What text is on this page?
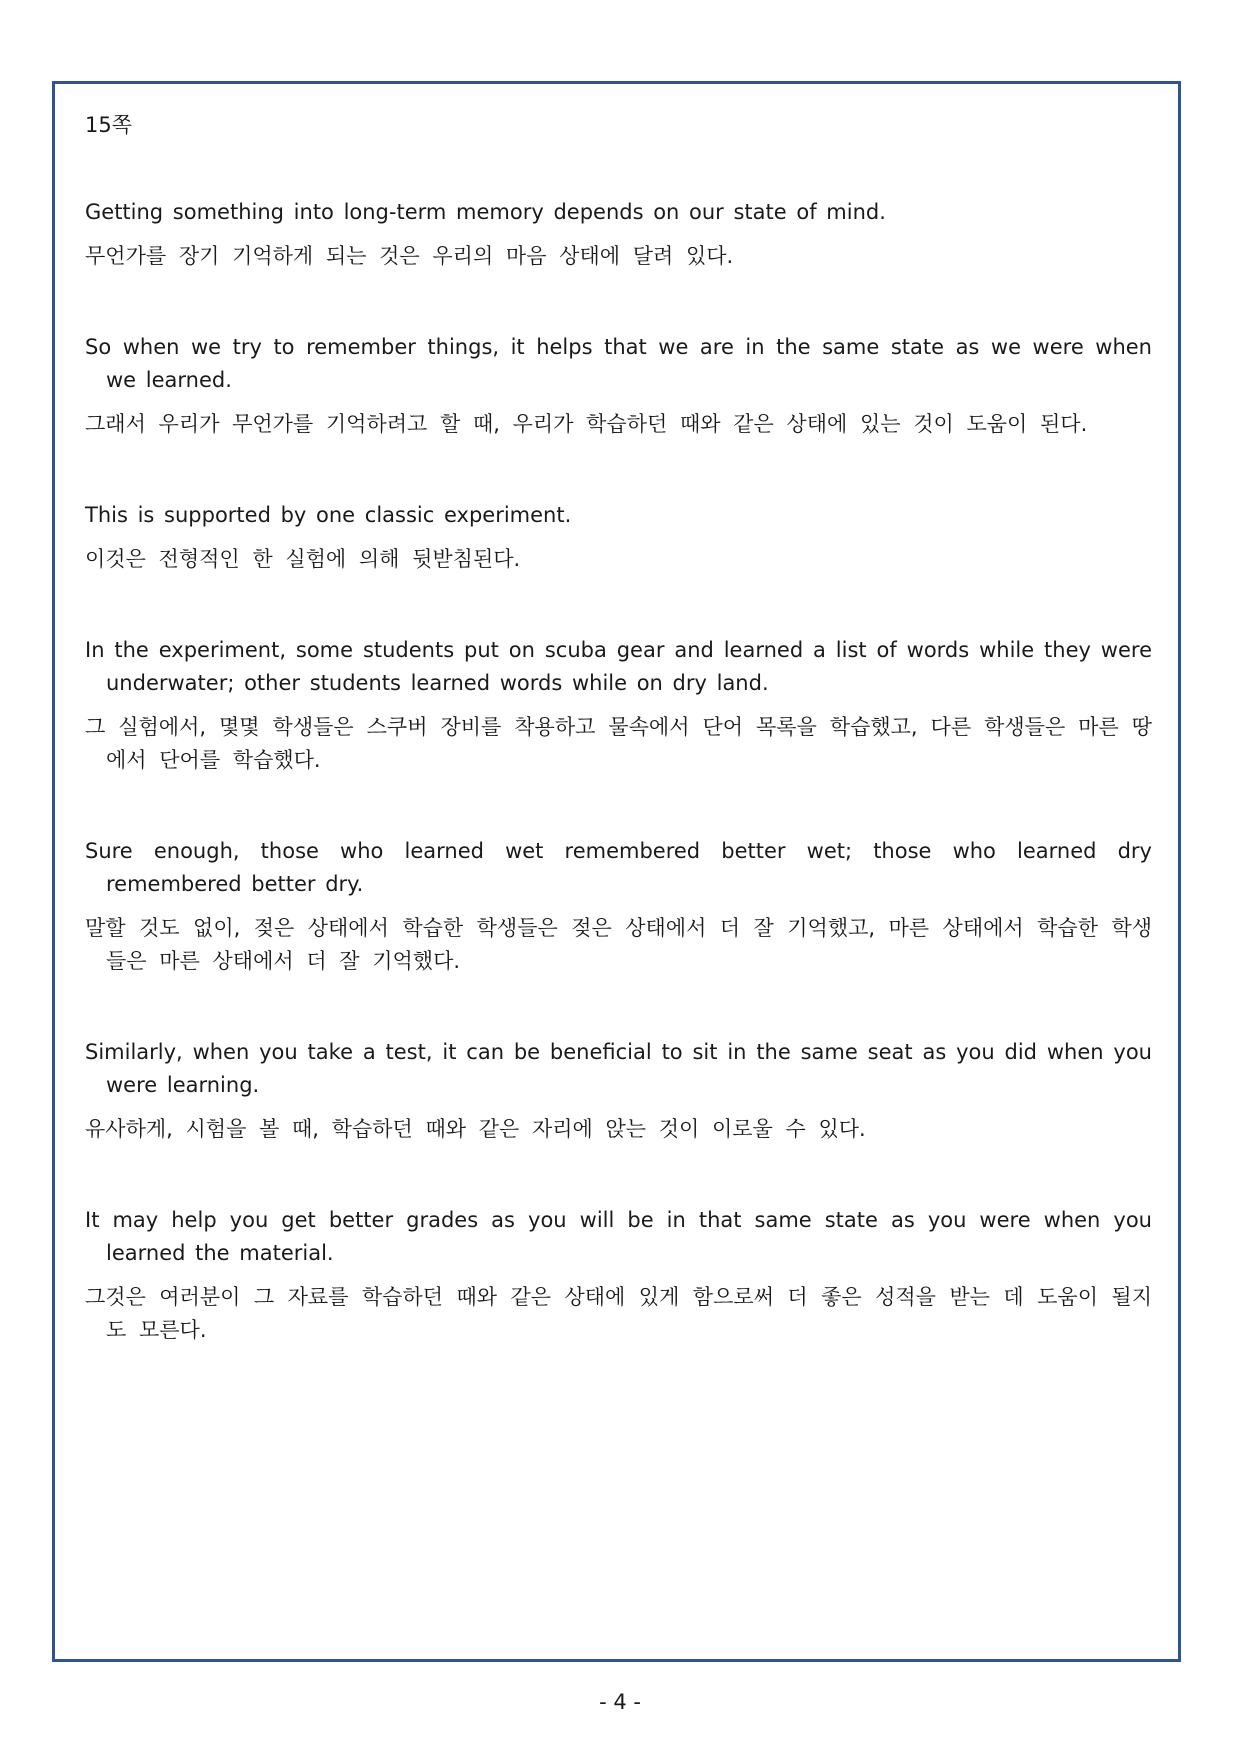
15쪽

Getting something into long-term memory depends on our state of mind.

무언가를 장기 기억하게 되는 것은 우리의 마음 상태에 달려 있다.

So when we try to remember things, it helps that we are in the same state as we were when we learned.

그래서 우리가 무언가를 기억하려고 할 때, 우리가 학습하던 때와 같은 상태에 있는 것이 도움이 된다.

This is supported by one classic experiment.

이것은 전형적인 한 실험에 의해 뒷받침된다.

In the experiment, some students put on scuba gear and learned a list of words while they were underwater; other students learned words while on dry land.

그 실험에서, 몇몇 학생들은 스쿠버 장비를 착용하고 물속에서 단어 목록을 학습했고, 다른 학생들은 마른 땅에서 단어를 학습했다.

Sure enough, those who learned wet remembered better wet; those who learned dry remembered better dry.

말할 것도 없이, 젖은 상태에서 학습한 학생들은 젖은 상태에서 더 잘 기억했고, 마른 상태에서 학습한 학생들은 마른 상태에서 더 잘 기억했다.

Similarly, when you take a test, it can be beneficial to sit in the same seat as you did when you were learning.

유사하게, 시험을 볼 때, 학습하던 때와 같은 자리에 앉는 것이 이로울 수 있다.

It may help you get better grades as you will be in that same state as you were when you learned the material.

그것은 여러분이 그 자료를 학습하던 때와 같은 상태에 있게 함으로써 더 좋은 성적을 받는 데 도움이 될지도 모른다.

- 4 -
